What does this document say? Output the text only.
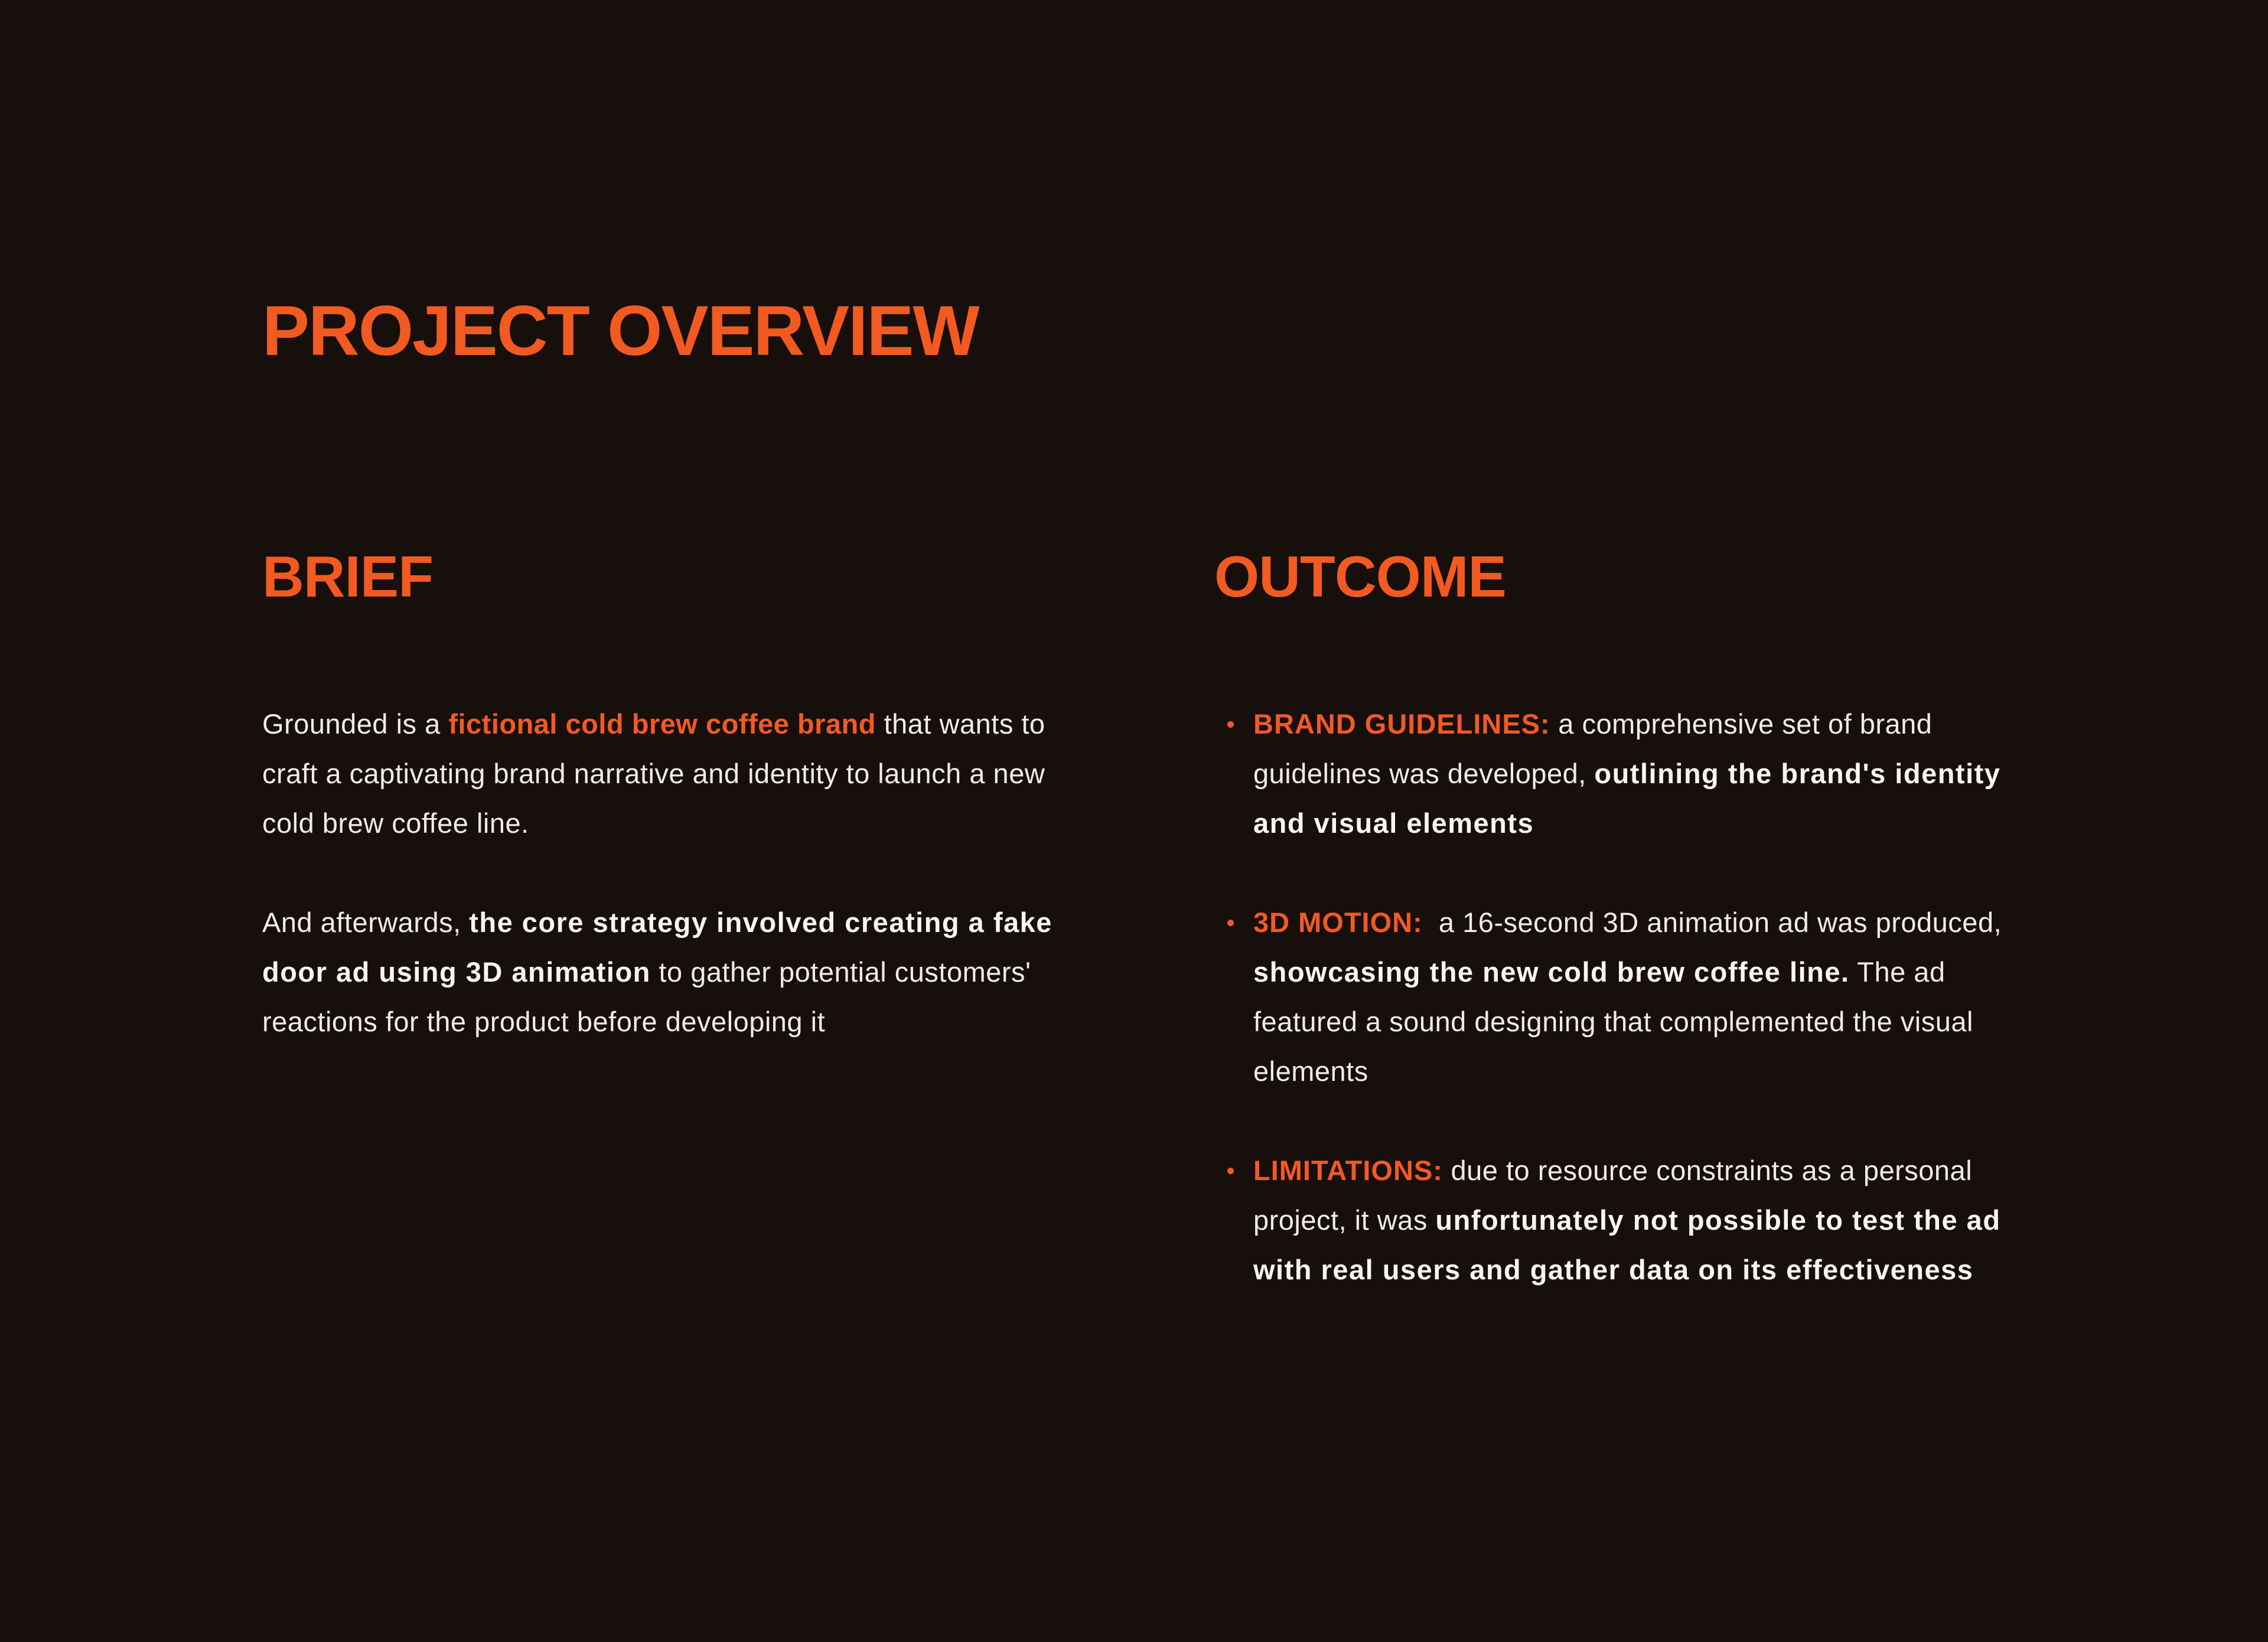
PROJECT OVERVIEW
BRIEF

Grounded is a fictional cold brew coffee brand that wants to craft a captivating brand narrative and identity to launch a new cold brew coffee line.

And afterwards, the core strategy involved creating a fake door ad using 3D animation to gather potential customers' reactions for the product before developing it

OUTCOME
BRAND GUIDELINES: a comprehensive set of brand guidelines was developed, outlining the brand's identity and visual elements
3D MOTION:  a 16-second 3D animation ad was produced, showcasing the new cold brew coffee line. The ad featured a sound designing that complemented the visual elements
LIMITATIONS: due to resource constraints as a personal project, it was unfortunately not possible to test the ad with real users and gather data on its effectiveness
